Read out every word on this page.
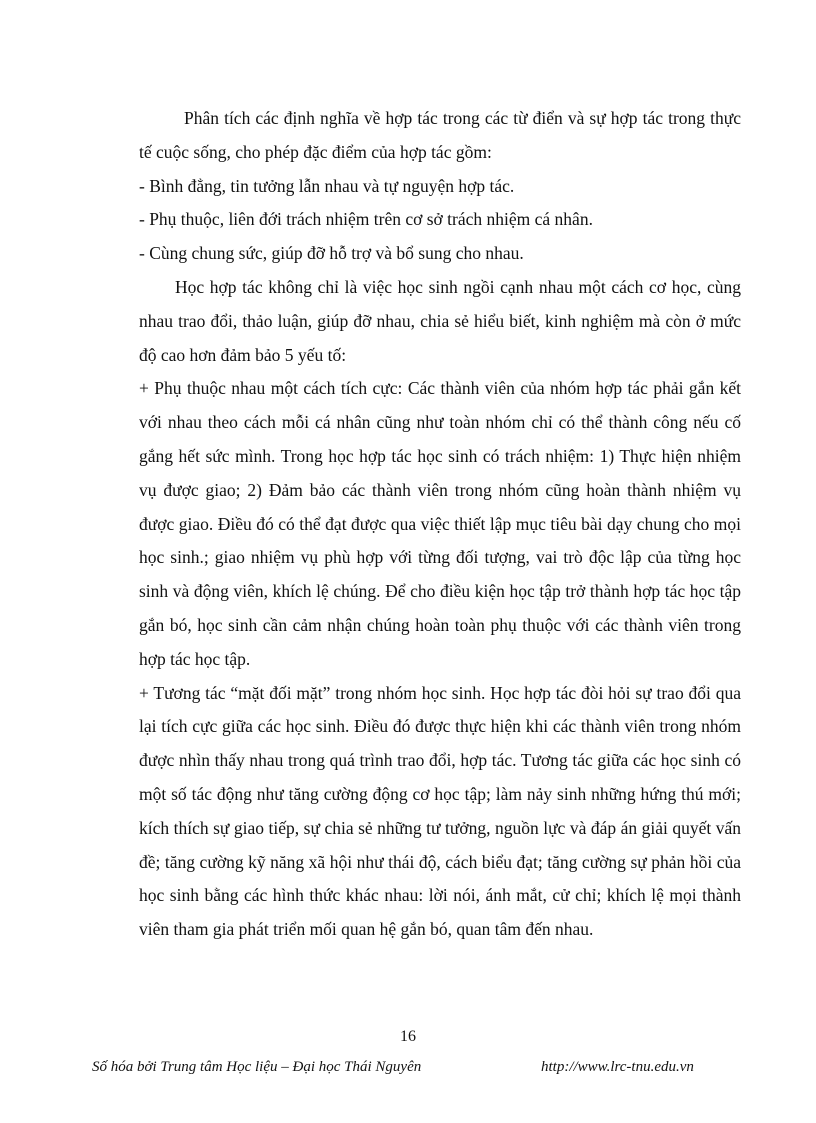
Phân tích các định nghĩa về hợp tác trong các từ điển và sự hợp tác trong thực tế cuộc sống, cho phép đặc điểm của hợp tác gồm:

- Bình đẳng, tin tưởng lẫn nhau và tự nguyện hợp tác.

- Phụ thuộc, liên đới trách nhiệm trên cơ sở trách nhiệm cá nhân.

- Cùng chung sức, giúp đỡ hỗ trợ và bổ sung cho nhau.

Học hợp tác không chỉ là việc học sinh ngồi cạnh nhau một cách cơ học, cùng nhau trao đổi, thảo luận, giúp đỡ nhau, chia sẻ hiểu biết, kinh nghiệm mà còn ở mức độ cao hơn đảm bảo 5 yếu tố:

+ Phụ thuộc nhau một cách tích cực: Các thành viên của nhóm hợp tác phải gắn kết với nhau theo cách mỗi cá nhân cũng như toàn nhóm chỉ có thể thành công nếu cố gắng hết sức mình. Trong học hợp tác học sinh có trách nhiệm: 1) Thực hiện nhiệm vụ được giao; 2) Đảm bảo các thành viên trong nhóm cũng hoàn thành nhiệm vụ được giao. Điều đó có thể đạt được qua việc thiết lập mục tiêu bài dạy chung cho mọi học sinh.; giao nhiệm vụ phù hợp với từng đối tượng, vai trò độc lập của từng học sinh và động viên, khích lệ chúng. Để cho điều kiện học tập trở thành hợp tác học tập gắn bó, học sinh cần cảm nhận chúng hoàn toàn phụ thuộc với các thành viên trong hợp tác học tập.

+ Tương tác “mặt đối mặt” trong nhóm học sinh. Học hợp tác đòi hỏi sự trao đổi qua lại tích cực giữa các học sinh. Điều đó được thực hiện khi các thành viên trong nhóm được nhìn thấy nhau trong quá trình trao đổi, hợp tác. Tương tác giữa các học sinh có một số tác động như tăng cường động cơ học tập; làm nảy sinh những hứng thú mới; kích thích sự giao tiếp, sự chia sẻ những tư tưởng, nguồn lực và đáp án giải quyết vấn đề; tăng cường kỹ năng xã hội như thái độ, cách biểu đạt; tăng cường sự phản hồi của học sinh bằng các hình thức khác nhau: lời nói, ánh mắt, cử chỉ; khích lệ mọi thành viên tham gia phát triển mối quan hệ gắn bó, quan tâm đến nhau.

16
Số hóa bởi Trung tâm Học liệu – Đại học Thái Nguyên	http://www.lrc-tnu.edu.vn
